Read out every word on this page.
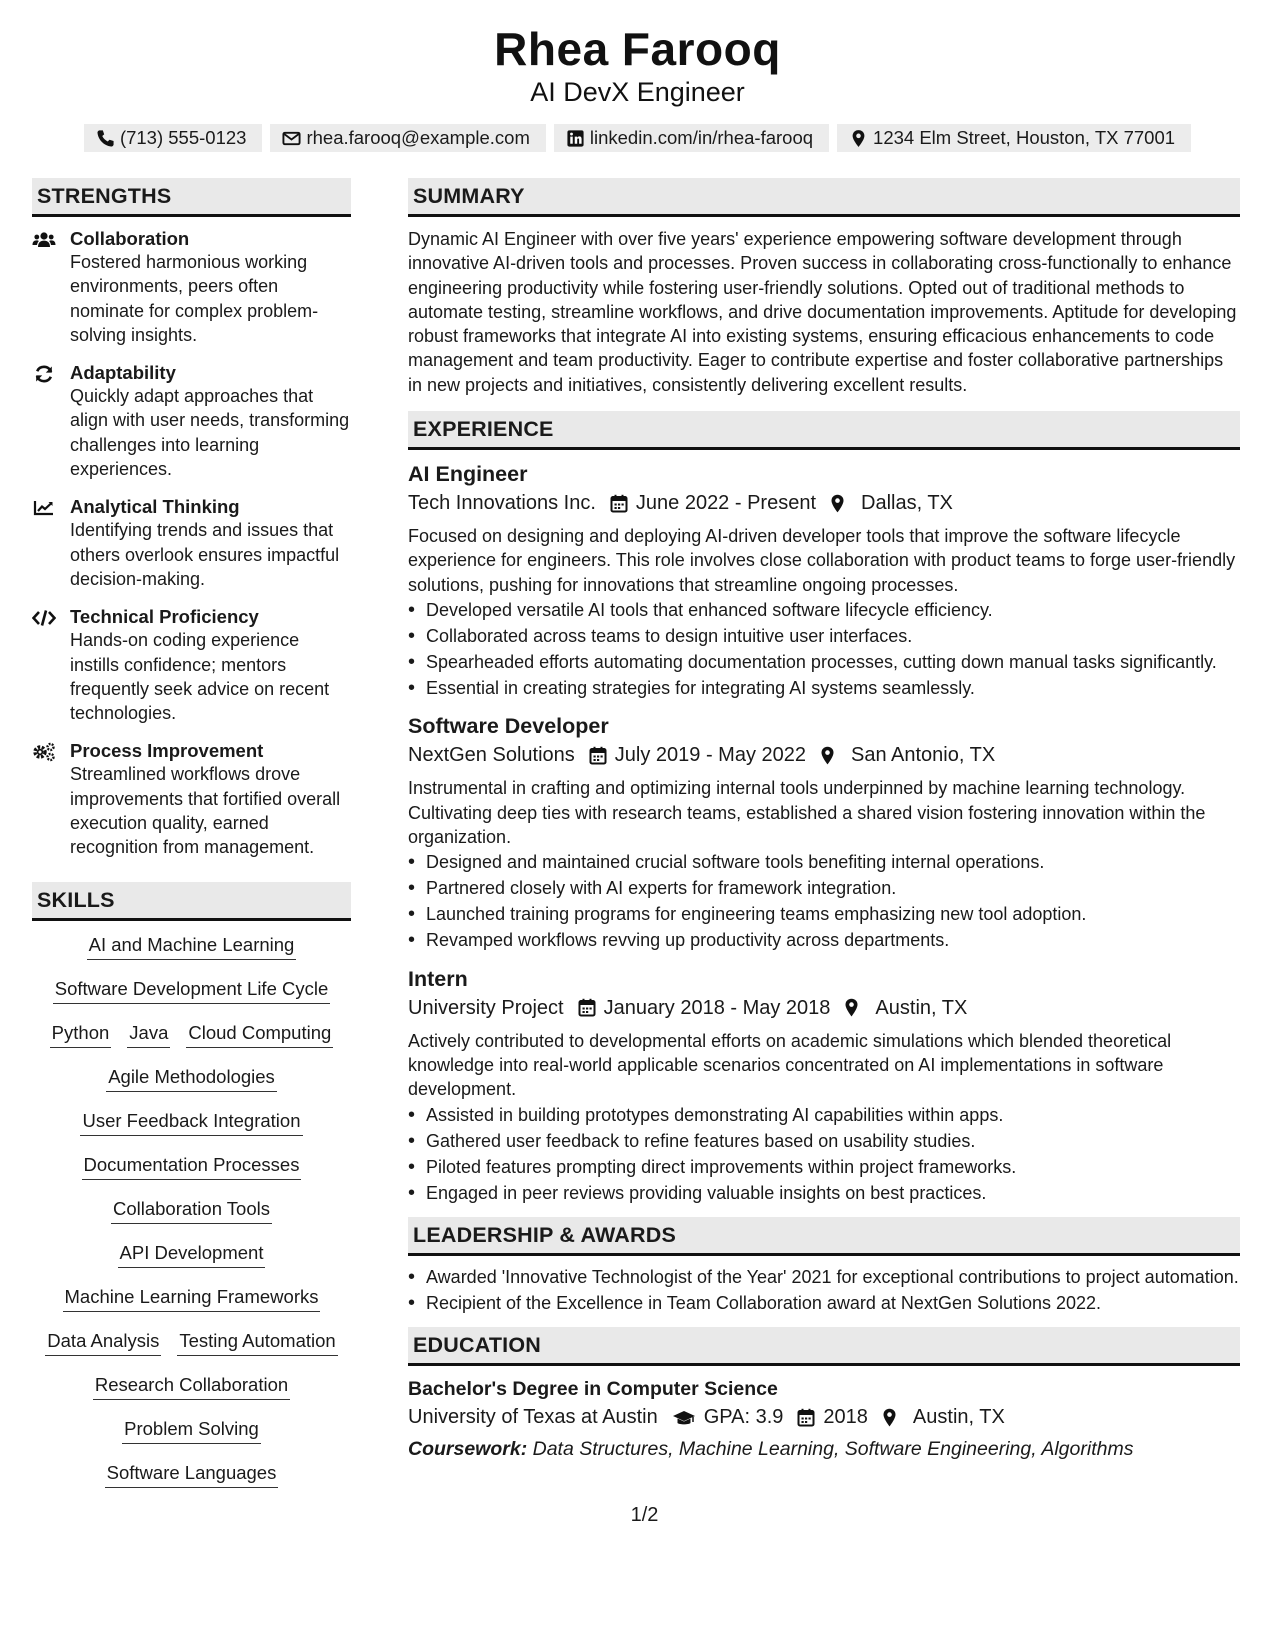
Rhea Farooq
AI DevX Engineer
(713) 555-0123	rhea.farooq@example.com	linkedin.com/in/rhea-farooq	1234 Elm Street, Houston, TX 77001
STRENGTHS
Collaboration
Fostered harmonious working environments, peers often nominate for complex problem-solving insights.
Adaptability
Quickly adapt approaches that align with user needs, transforming challenges into learning experiences.
Analytical Thinking
Identifying trends and issues that others overlook ensures impactful decision-making.
Technical Proficiency
Hands-on coding experience instills confidence; mentors frequently seek advice on recent technologies.
Process Improvement
Streamlined workflows drove improvements that fortified overall execution quality, earned recognition from management.
SKILLS
AI and Machine Learning
Software Development Life Cycle
Python Java Cloud Computing
Agile Methodologies
User Feedback Integration
Documentation Processes
Collaboration Tools
API Development
Machine Learning Frameworks
Data Analysis Testing Automation
Research Collaboration
Problem Solving
Software Languages
SUMMARY
Dynamic AI Engineer with over five years' experience empowering software development through innovative AI-driven tools and processes. Proven success in collaborating cross-functionally to enhance engineering productivity while fostering user-friendly solutions. Opted out of traditional methods to automate testing, streamline workflows, and drive documentation improvements. Aptitude for developing robust frameworks that integrate AI into existing systems, ensuring efficacious enhancements to code management and team productivity. Eager to contribute expertise and foster collaborative partnerships in new projects and initiatives, consistently delivering excellent results.
EXPERIENCE
AI Engineer
Tech Innovations Inc. June 2022 - Present Dallas, TX
Focused on designing and deploying AI-driven developer tools that improve the software lifecycle experience for engineers. This role involves close collaboration with product teams to forge user-friendly solutions, pushing for innovations that streamline ongoing processes.
• Developed versatile AI tools that enhanced software lifecycle efficiency.
• Collaborated across teams to design intuitive user interfaces.
• Spearheaded efforts automating documentation processes, cutting down manual tasks significantly.
• Essential in creating strategies for integrating AI systems seamlessly.
Software Developer
NextGen Solutions July 2019 - May 2022 San Antonio, TX
Instrumental in crafting and optimizing internal tools underpinned by machine learning technology. Cultivating deep ties with research teams, established a shared vision fostering innovation within the organization.
• Designed and maintained crucial software tools benefiting internal operations.
• Partnered closely with AI experts for framework integration.
• Launched training programs for engineering teams emphasizing new tool adoption.
• Revamped workflows revving up productivity across departments.
Intern
University Project January 2018 - May 2018 Austin, TX
Actively contributed to developmental efforts on academic simulations which blended theoretical knowledge into real-world applicable scenarios concentrated on AI implementations in software development.
• Assisted in building prototypes demonstrating AI capabilities within apps.
• Gathered user feedback to refine features based on usability studies.
• Piloted features prompting direct improvements within project frameworks.
• Engaged in peer reviews providing valuable insights on best practices.
LEADERSHIP & AWARDS
• Awarded 'Innovative Technologist of the Year' 2021 for exceptional contributions to project automation.
• Recipient of the Excellence in Team Collaboration award at NextGen Solutions 2022.
EDUCATION
Bachelor's Degree in Computer Science
University of Texas at Austin GPA: 3.9 2018 Austin, TX
Coursework: Data Structures, Machine Learning, Software Engineering, Algorithms
1/2
